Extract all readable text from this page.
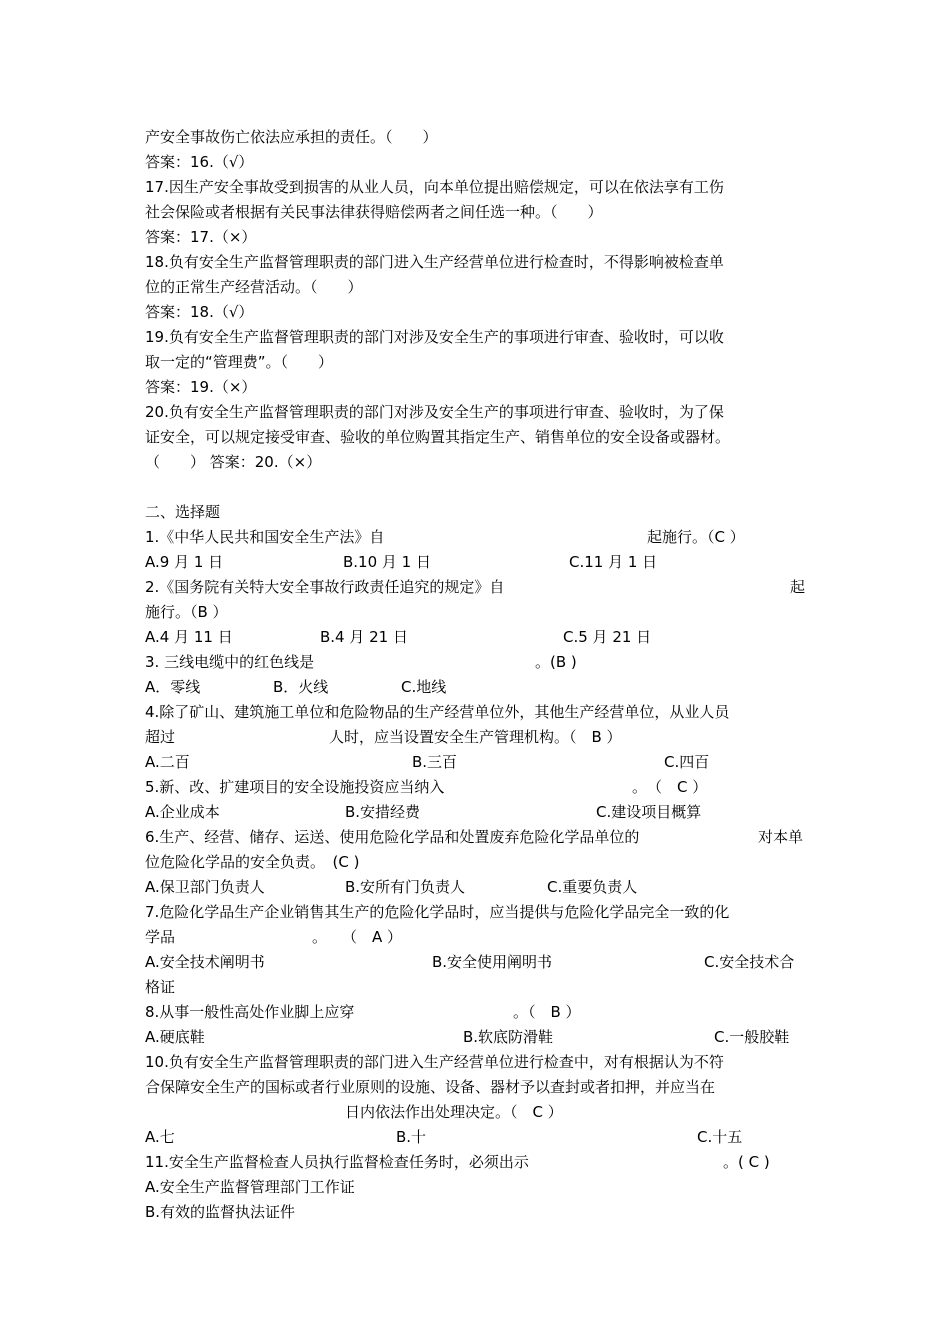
产安全事故伤亡依法应承担的责任。（　　）
答案：16.（√）
17.因生产安全事故受到损害的从业人员，向本单位提出赔偿规定，可以在依法享有工伤
社会保险或者根据有关民事法律获得赔偿两者之间任选一种。（　　）
答案：17.（×）
18.负有安全生产监督管理职责的部门进入生产经营单位进行检查时，不得影响被检查单
位的正常生产经营活动。（　　）
答案：18.（√）
19.负有安全生产监督管理职责的部门对涉及安全生产的事项进行审查、验收时，可以收
取一定的“管理费”。（　　）
答案：19.（×）
20.负有安全生产监督管理职责的部门对涉及安全生产的事项进行审查、验收时，为了保
证安全，可以规定接受审查、验收的单位购置其指定生产、销售单位的安全设备或器材。
（　　） 答案：20.（×）
二、选择题
1.《中华人民共和国安全生产法》自	起施行。（C ）
A.9 月 1 日	B.10 月 1 日	C.11 月 1 日
2.《国务院有关特大安全事故行政责任追究的规定》自	起
施行。（B ）
A.4 月 11 日	B.4 月 21 日	C.5 月 21 日
3. 三线电缆中的红色线是	。(B )
A．零线	B．火线	C.地线
4.除了矿山、建筑施工单位和危险物品的生产经营单位外，其他生产经营单位，从业人员
超过	人时，应当设置安全生产管理机构。（　B ）
A.二百	B.三百	C.四百
5.新、改、扩建项目的安全设施投资应当纳入	。　（　C ）
A.企业成本	B.安措经费	C.建设项目概算
6.生产、经营、储存、运送、使用危险化学品和处置废弃危险化学品单位的	对本单
位危险化学品的安全负责。　(C )
A.保卫部门负责人	B.安所有门负责人	C.重要负责人
7.危险化学品生产企业销售其生产的危险化学品时，应当提供与危险化学品完全一致的化
学品	。　　（　A ）
A.安全技术阐明书	B.安全使用阐明书	C.安全技术合
格证
8.从事一般性高处作业脚上应穿	。（　B ）
A.硬底鞋	B.软底防滑鞋	C.一般胶鞋
10.负有安全生产监督管理职责的部门进入生产经营单位进行检查中，对有根据认为不符
合保障安全生产的国标或者行业原则的设施、设备、器材予以查封或者扣押，并应当在
日内依法作出处理决定。（　C ）
A.七	B.十	C.十五
11.安全生产监督检查人员执行监督检查任务时，必须出示	。( C )
A.安全生产监督管理部门工作证
B.有效的监督执法证件
